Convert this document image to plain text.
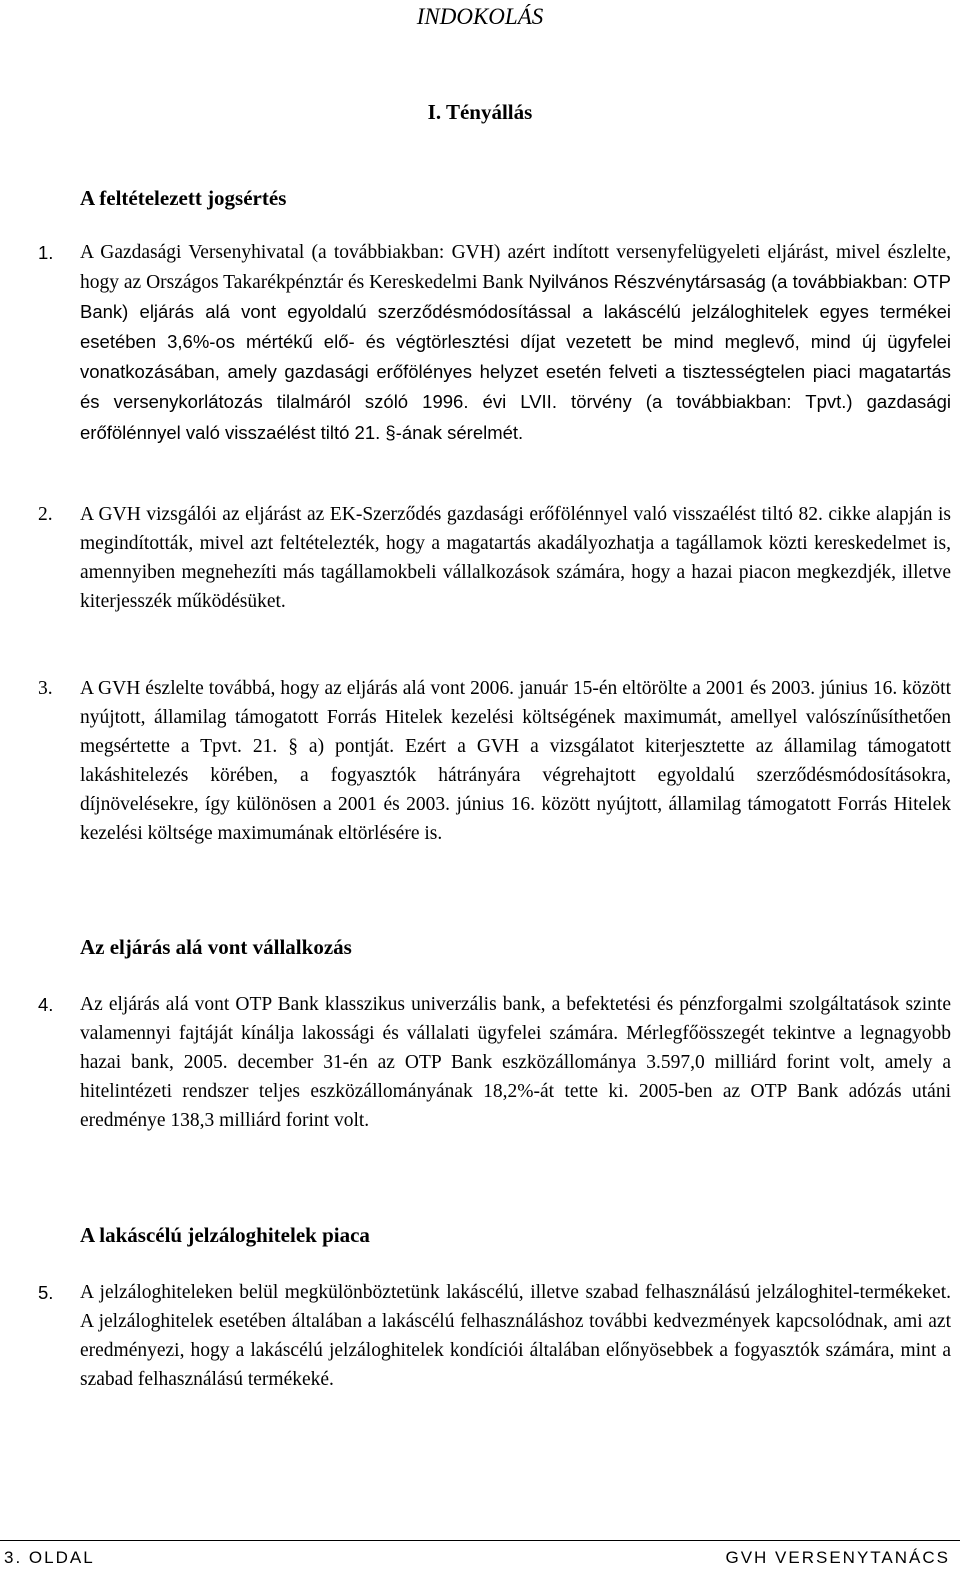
INDOKOLÁS
I. Tényállás
A feltételezett jogsértés
1. A Gazdasági Versenyhivatal (a továbbiakban: GVH) azért indított versenyfelügyeleti eljárást, mivel észlelte, hogy az Országos Takarékpénztár és Kereskedelmi Bank Nyilvános Részvénytársaság (a továbbiakban: OTP Bank) eljárás alá vont egyoldalú szerződésmódosítással a lakáscélú jelzáloghitelek egyes termékei esetében 3,6%-os mértékű elő- és végtörlesztési díjat vezetett be mind meglevő, mind új ügyfelei vonatkozásában, amely gazdasági erőfölényes helyzet esetén felveti a tisztességtelen piaci magatartás és versenykorlátozás tilalmáról szóló 1996. évi LVII. törvény (a továbbiakban: Tpvt.) gazdasági erőfölénnyel való visszaélést tiltó 21. §-ának sérelmét.
2. A GVH vizsgálói az eljárást az EK-Szerződés gazdasági erőfölénnyel való visszaélést tiltó 82. cikke alapján is megindították, mivel azt feltételezték, hogy a magatartás akadályozhatja a tagállamok közti kereskedelmet is, amennyiben megnehezíti más tagállamokbeli vállalkozások számára, hogy a hazai piacon megkezdjék, illetve kiterjesszék működésüket.
3. A GVH észlelte továbbá, hogy az eljárás alá vont 2006. január 15-én eltörölte a 2001 és 2003. június 16. között nyújtott, államilag támogatott Forrás Hitelek kezelési költségének maximumát, amellyel valószínűsíthetően megsértette a Tpvt. 21. § a) pontját. Ezért a GVH a vizsgálatot kiterjesztette az államilag támogatott lakáshitelezés körében, a fogyasztók hátrányára végrehajtott egyoldalú szerződésmódosításokra, díjnövelésekre, így különösen a 2001 és 2003. június 16. között nyújtott, államilag támogatott Forrás Hitelek kezelési költsége maximumának eltörlésére is.
Az eljárás alá vont vállalkozás
4. Az eljárás alá vont OTP Bank klasszikus univerzális bank, a befektetési és pénzforgalmi szolgáltatások szinte valamennyi fajtáját kínálja lakossági és vállalati ügyfelei számára. Mérlegfőösszegét tekintve a legnagyobb hazai bank, 2005. december 31-én az OTP Bank eszközállománya 3.597,0 milliárd forint volt, amely a hitelintézeti rendszer teljes eszközállományának 18,2%-át tette ki. 2005-ben az OTP Bank adózás utáni eredménye 138,3 milliárd forint volt.
A lakáscélú jelzáloghitelek piaca
5. A jelzáloghiteleken belül megkülönböztetünk lakáscélú, illetve szabad felhasználású jelzáloghitel-termékeket. A jelzáloghitelek esetében általában a lakáscélú felhasználáshoz további kedvezmények kapcsolódnak, ami azt eredményezi, hogy a lakáscélú jelzáloghitelek kondíciói általában előnyösebbek a fogyasztók számára, mint a szabad felhasználású termékeké.
3. OLDAL	GVH VERSENYTANÁCS
